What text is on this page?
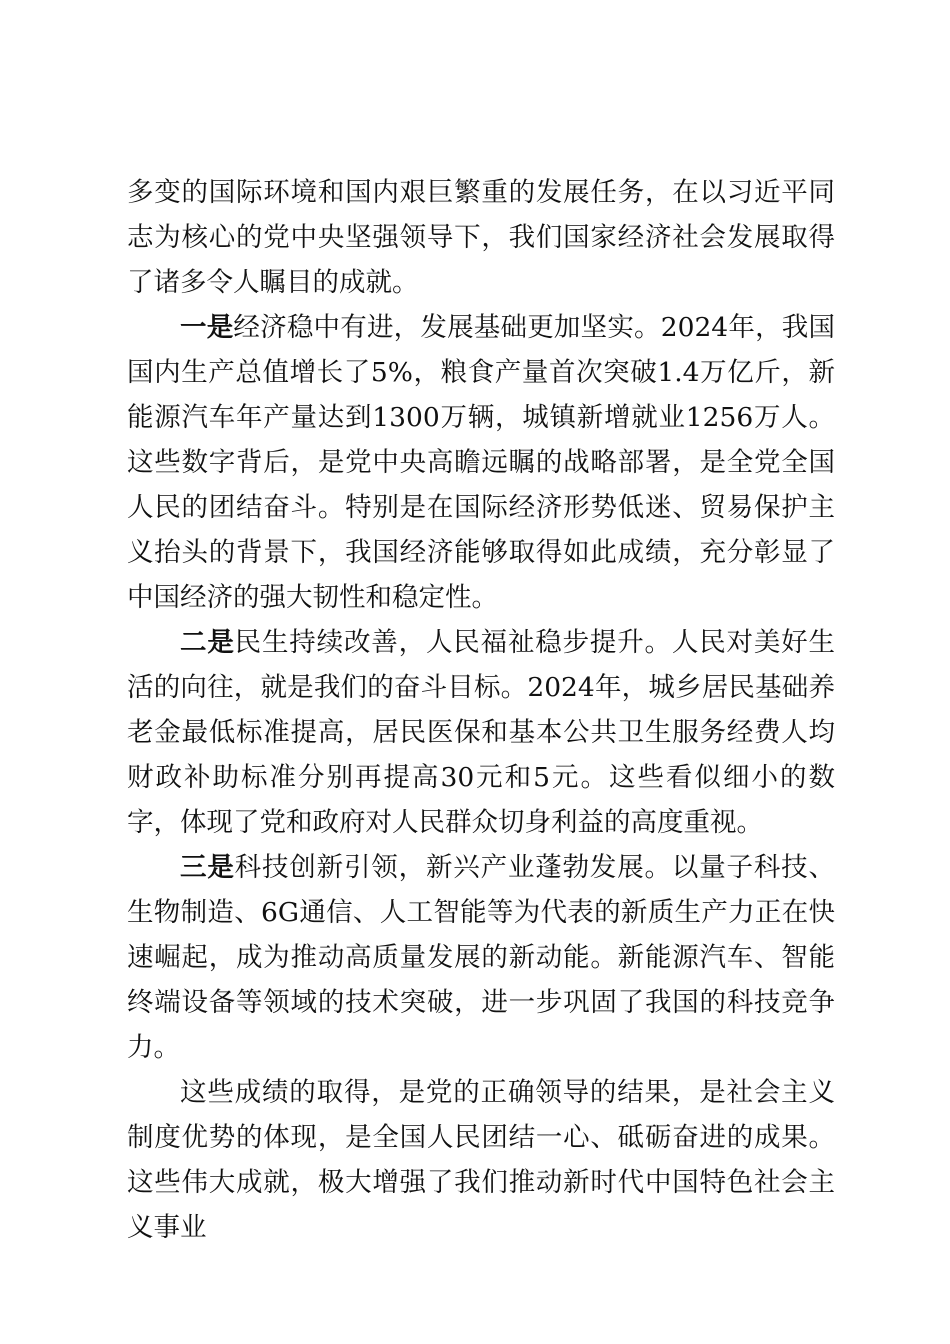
多变的国际环境和国内艰巨繁重的发展任务，在以习近平同志为核心的党中央坚强领导下，我们国家经济社会发展取得了诸多令人瞩目的成就。

一是经济稳中有进，发展基础更加坚实。2024年，我国国内生产总值增长了5%，粮食产量首次突破1.4万亿斤，新能源汽车年产量达到1300万辆，城镇新增就业1256万人。这些数字背后，是党中央高瞻远瞩的战略部署，是全党全国人民的团结奋斗。特别是在国际经济形势低迷、贸易保护主义抬头的背景下，我国经济能够取得如此成绩，充分彰显了中国经济的强大韧性和稳定性。

二是民生持续改善，人民福祉稳步提升。人民对美好生活的向往，就是我们的奋斗目标。2024年，城乡居民基础养老金最低标准提高，居民医保和基本公共卫生服务经费人均财政补助标准分别再提高30元和5元。这些看似细小的数字，体现了党和政府对人民群众切身利益的高度重视。

三是科技创新引领，新兴产业蓬勃发展。以量子科技、生物制造、6G通信、人工智能等为代表的新质生产力正在快速崛起，成为推动高质量发展的新动能。新能源汽车、智能终端设备等领域的技术突破，进一步巩固了我国的科技竞争力。

这些成绩的取得，是党的正确领导的结果，是社会主义制度优势的体现，是全国人民团结一心、砥砺奋进的成果。这些伟大成就，极大增强了我们推动新时代中国特色社会主义事业
